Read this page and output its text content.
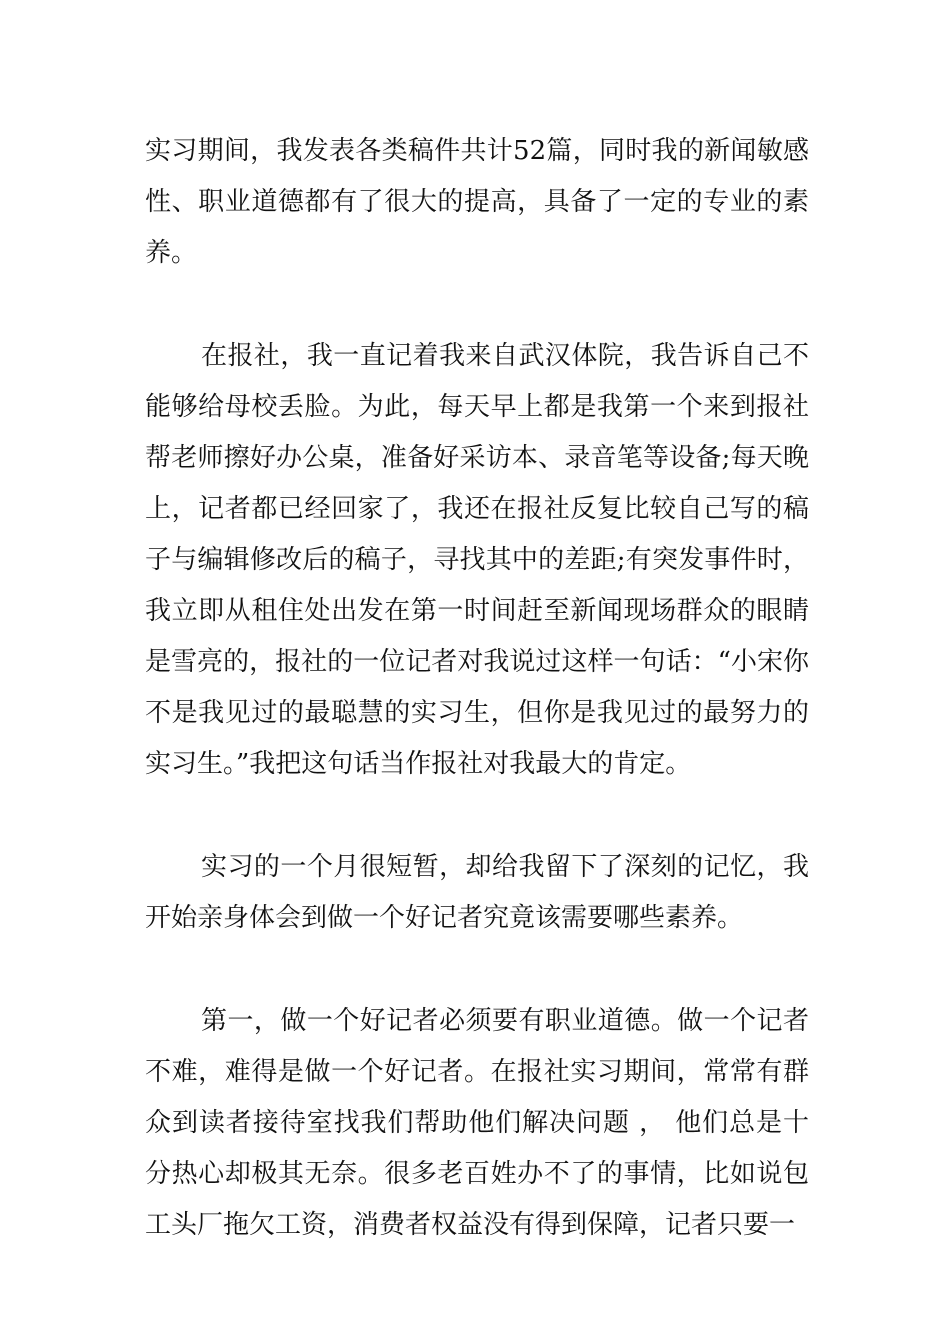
实习期间，我发表各类稿件共计52篇，同时我的新闻敏感性、职业道德都有了很大的提高，具备了一定的专业的素养。

在报社，我一直记着我来自武汉体院，我告诉自己不能够给母校丢脸。为此，每天早上都是我第一个来到报社帮老师擦好办公桌，准备好采访本、录音笔等设备;每天晚上，记者都已经回家了，我还在报社反复比较自己写的稿子与编辑修改后的稿子，寻找其中的差距;有突发事件时，我立即从租住处出发在第一时间赶至新闻现场群众的眼睛是雪亮的，报社的一位记者对我说过这样一句话：“小宋你不是我见过的最聪慧的实习生，但你是我见过的最努力的实习生。”我把这句话当作报社对我最大的肯定。

实习的一个月很短暂，却给我留下了深刻的记忆，我开始亲身体会到做一个好记者究竟该需要哪些素养。

第一，做一个好记者必须要有职业道德。做一个记者不难，难得是做一个好记者。在报社实习期间，常常有群众到读者接待室找我们帮助他们解决问题 ， 他们总是十分热心却极其无奈。很多老百姓办不了的事情，比如说包工头厂拖欠工资，消费者权益没有得到保障，记者只要一
